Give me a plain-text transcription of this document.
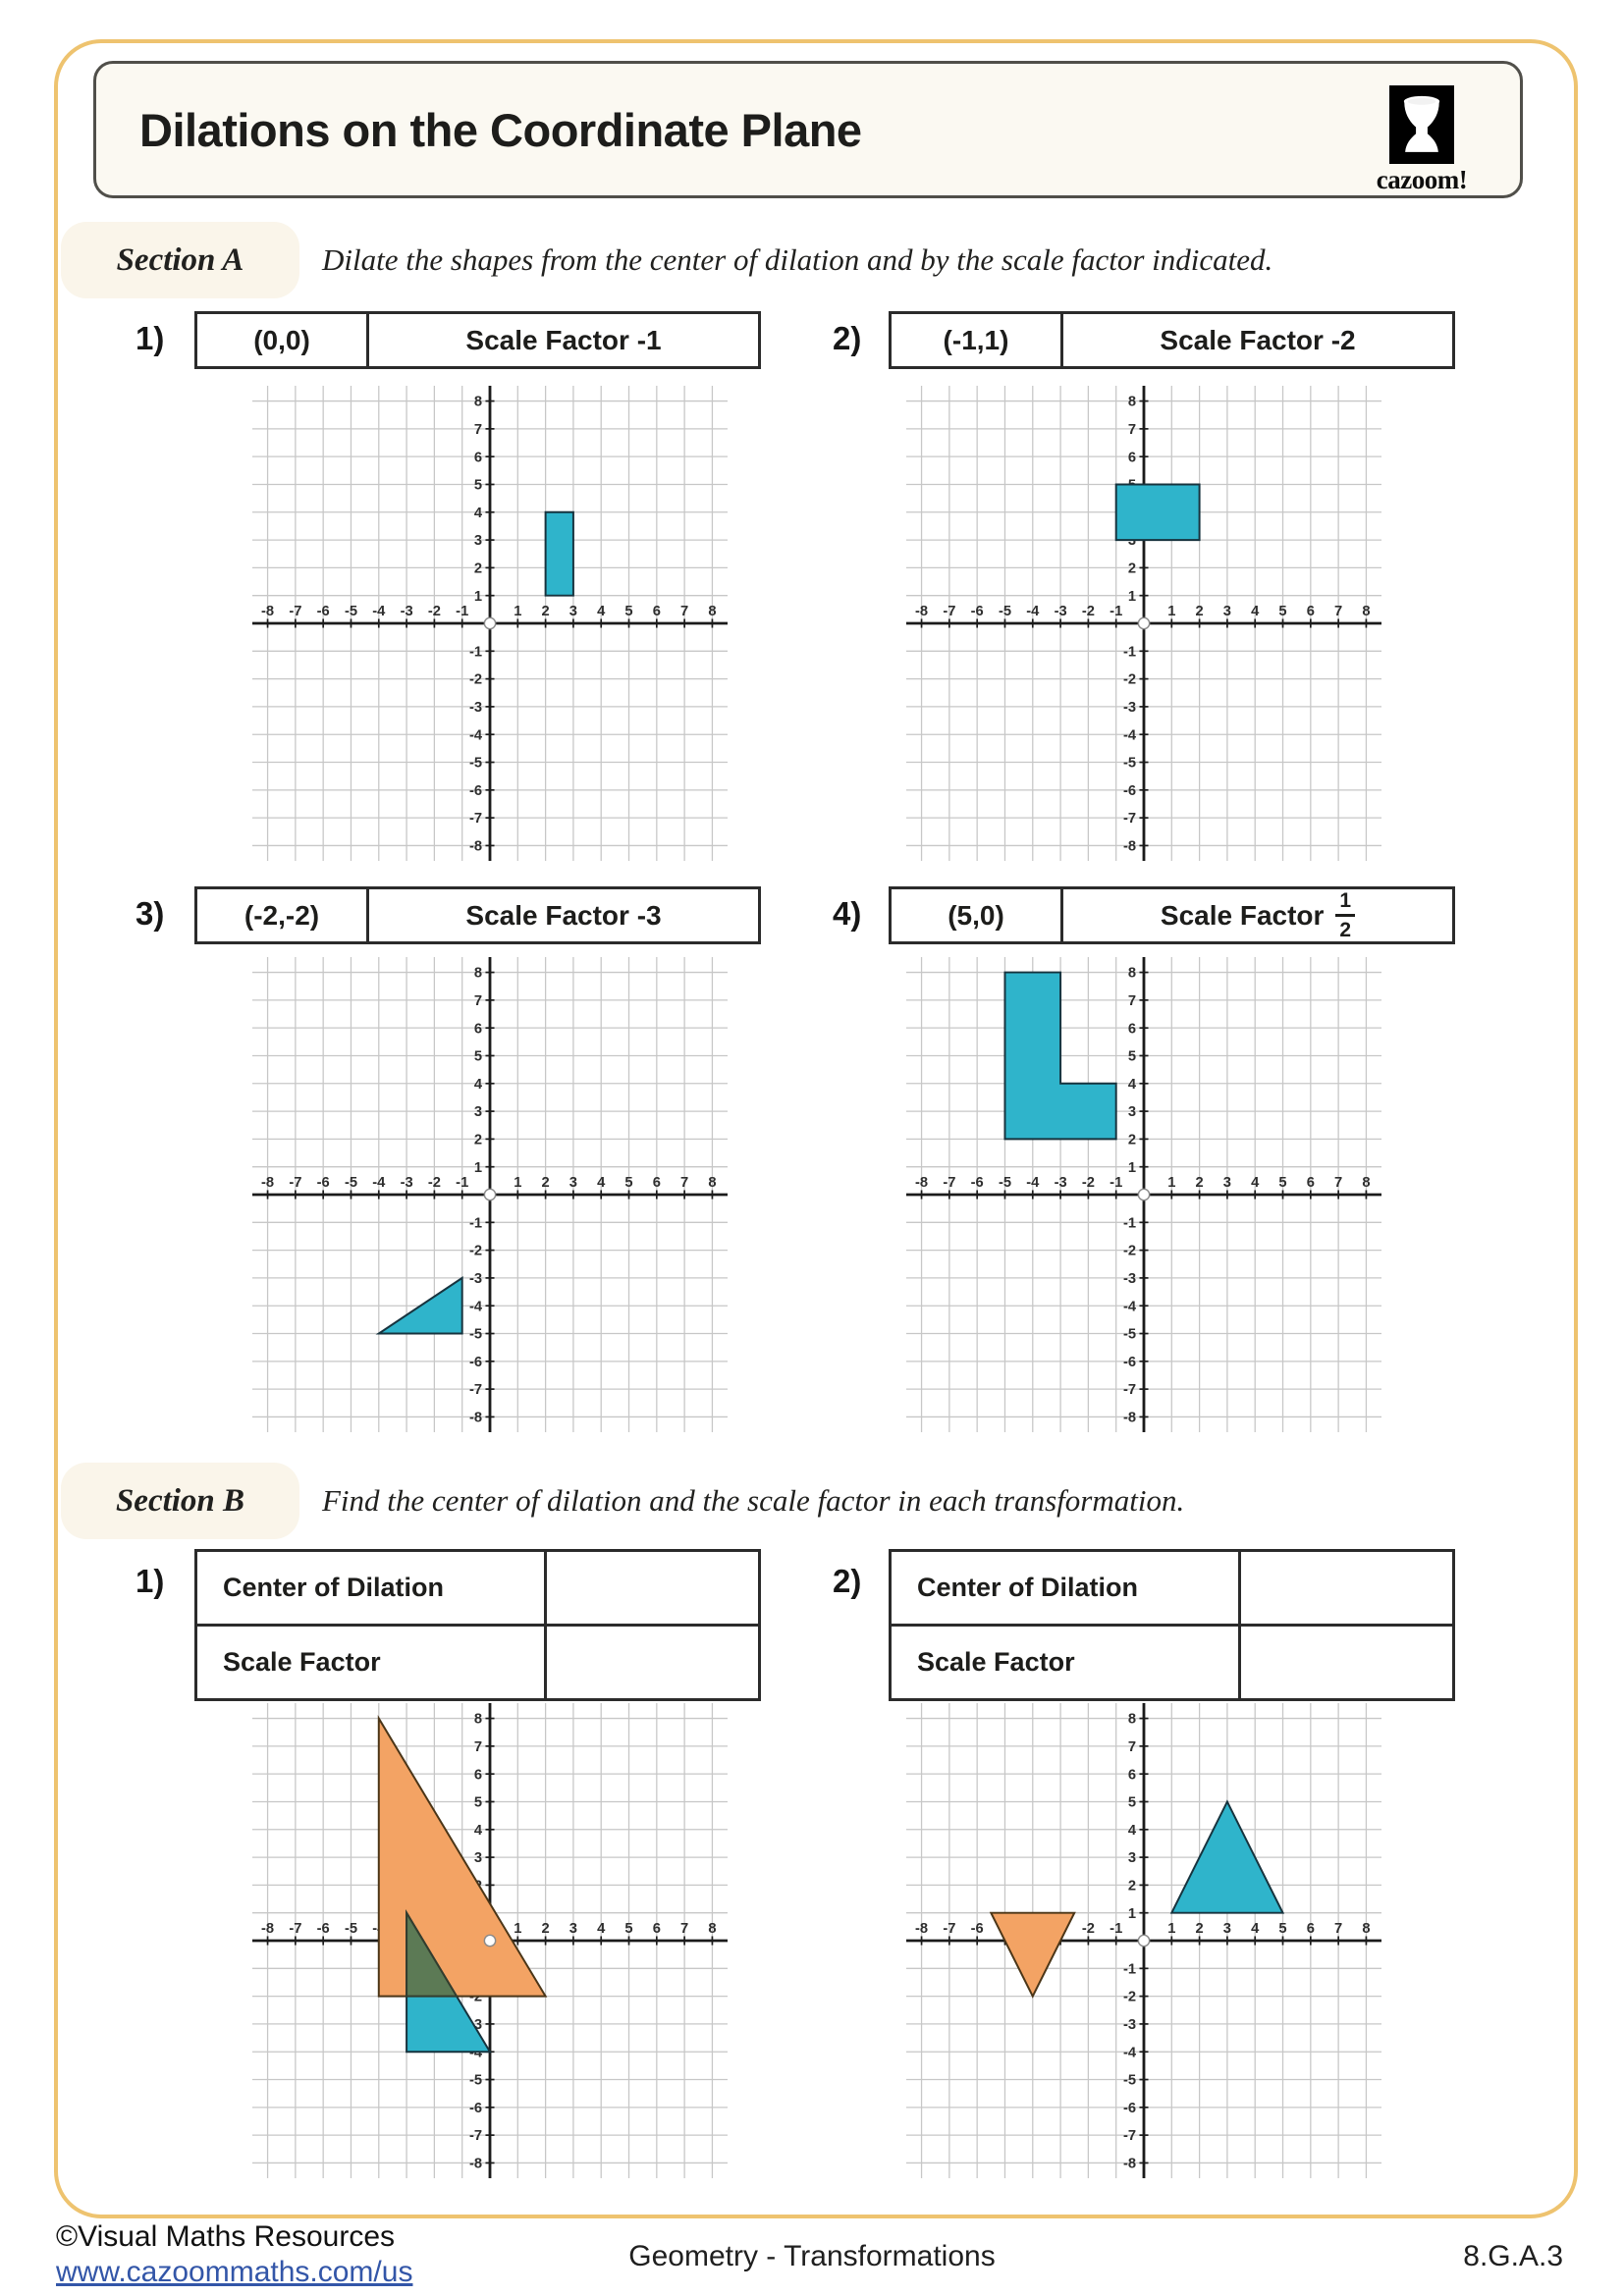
Dilations on the Coordinate Plane
cazoom!
Section A	Dilate the shapes from the center of dilation and by the scale factor indicated.
1)	(0,0)	Scale Factor -1	2)	(-1,1)	Scale Factor -2
3)	(-2,-2)	Scale Factor -3	4)	(5,0)	Scale Factor $\frac{1}{2}$
Section B	Find the center of dilation and the scale factor in each transformation.
1)	Center of Dilation
Scale Factor
2)	Center of Dilation
Scale Factor
©Visual Maths Resources
www.cazoommaths.com/us	Geometry - Transformations	8.G.A.3
